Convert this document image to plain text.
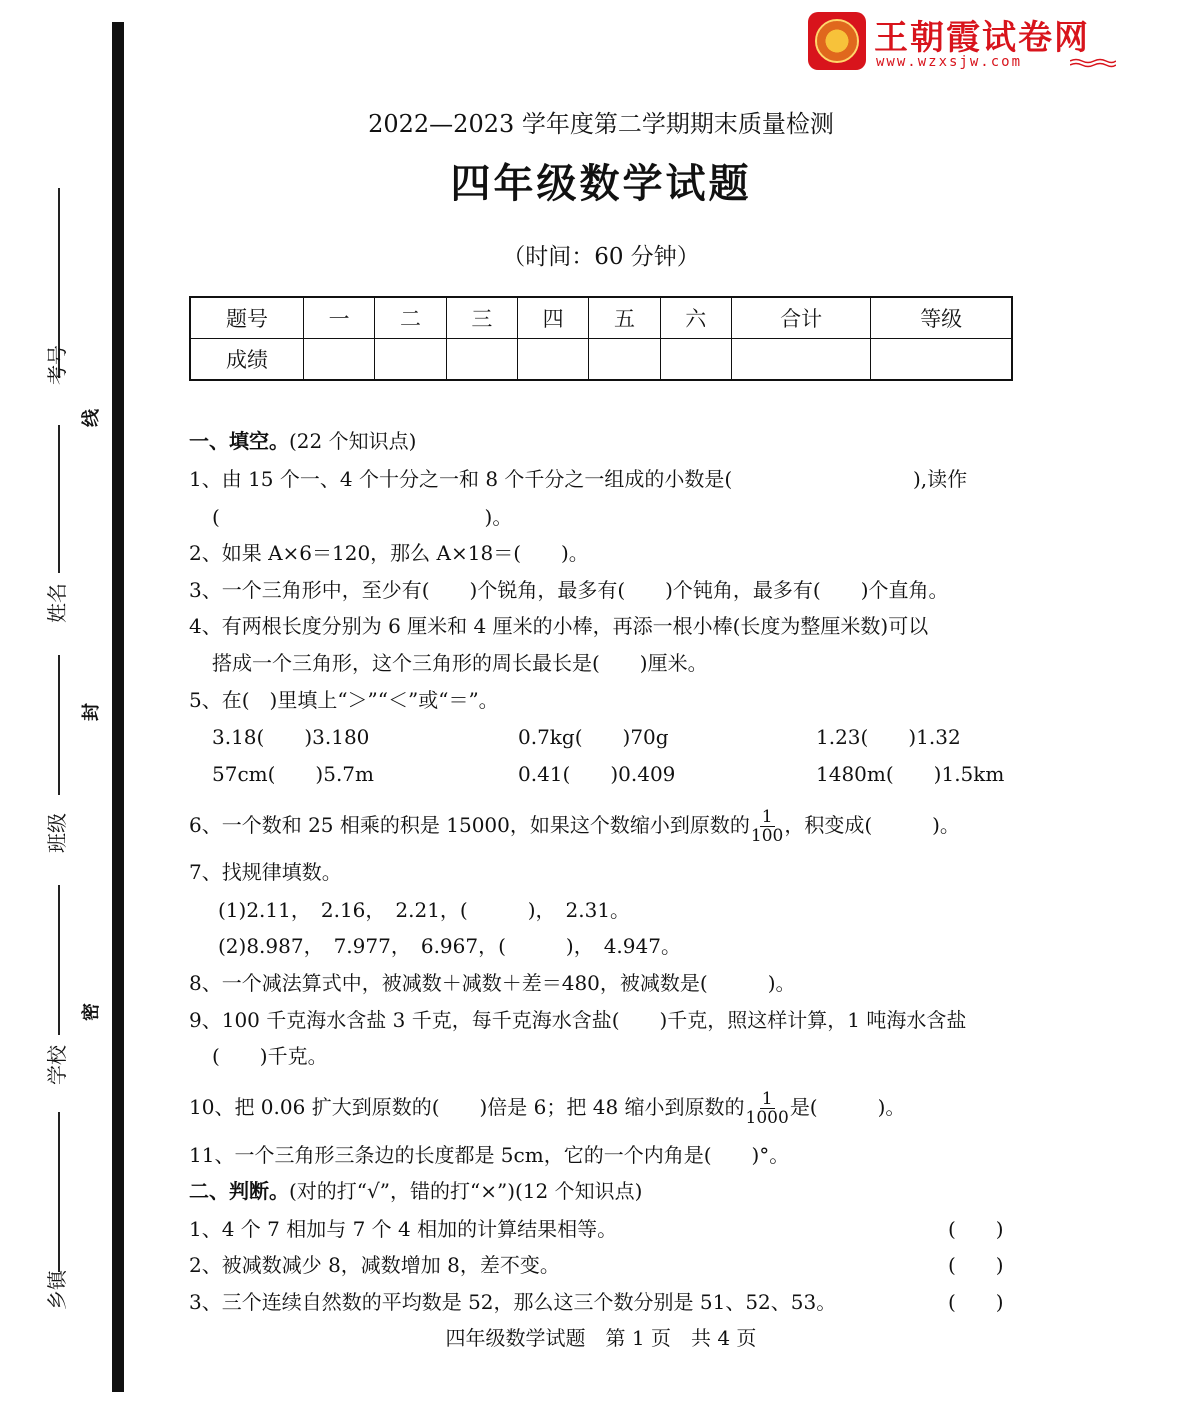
考号
线
姓名
封
班级
密
学校
乡镇
王朝霞试卷网
www.wzxsjw.com
2022—2023 学年度第二学期期末质量检测
四年级数学试题
（时间：60 分钟）
题号	一	二	三	四	五	六	合计	等级
成绩								
一、填空。(22 个知识点)
1、由 15 个一、4 个十分之一和 8 个千分之一组成的小数是(	),读作
(	)。
2、如果 A×6＝120，那么 A×18＝(　　)。
3、一个三角形中，至少有(　　)个锐角，最多有(　　)个钝角，最多有(　　)个直角。
4、有两根长度分别为 6 厘米和 4 厘米的小棒，再添一根小棒(长度为整厘米数)可以
搭成一个三角形，这个三角形的周长最长是(　　)厘米。
5、在(　)里填上“＞”“＜”或“＝”。
3.18(　　)3.180	0.7kg(　　)70g	1.23(　　)1.32
57cm(　　)5.7m	0.41(　　)0.409	1480m(　　)1.5km
6、一个数和 25 相乘的积是 15000，如果这个数缩小到原数的 $\frac{1}{100}$ ，积变成(　　　)。
7、找规律填数。
(1)2.11，　2.16，　2.21，(　　　)，　2.31。
(2)8.987，　7.977，　6.967，(　　　)，　4.947。
8、一个减法算式中，被减数＋减数＋差＝480，被减数是(　　　)。
9、100 千克海水含盐 3 千克，每千克海水含盐(　　)千克，照这样计算，1 吨海水含盐
(　　)千克。
10、把 0.06 扩大到原数的(　　)倍是 6；把 48 缩小到原数的 $\frac{1}{1000}$ 是(　　　)。
11、一个三角形三条边的长度都是 5cm，它的一个内角是(　　)°。
二、判断。(对的打“√”，错的打“×”)(12 个知识点)
1、4 个 7 相加与 7 个 4 相加的计算结果相等。	(　　)
2、被减数减少 8，减数增加 8，差不变。	(　　)
3、三个连续自然数的平均数是 52，那么这三个数分别是 51、52、53。	(　　)
四年级数学试题　第 1 页　共 4 页
